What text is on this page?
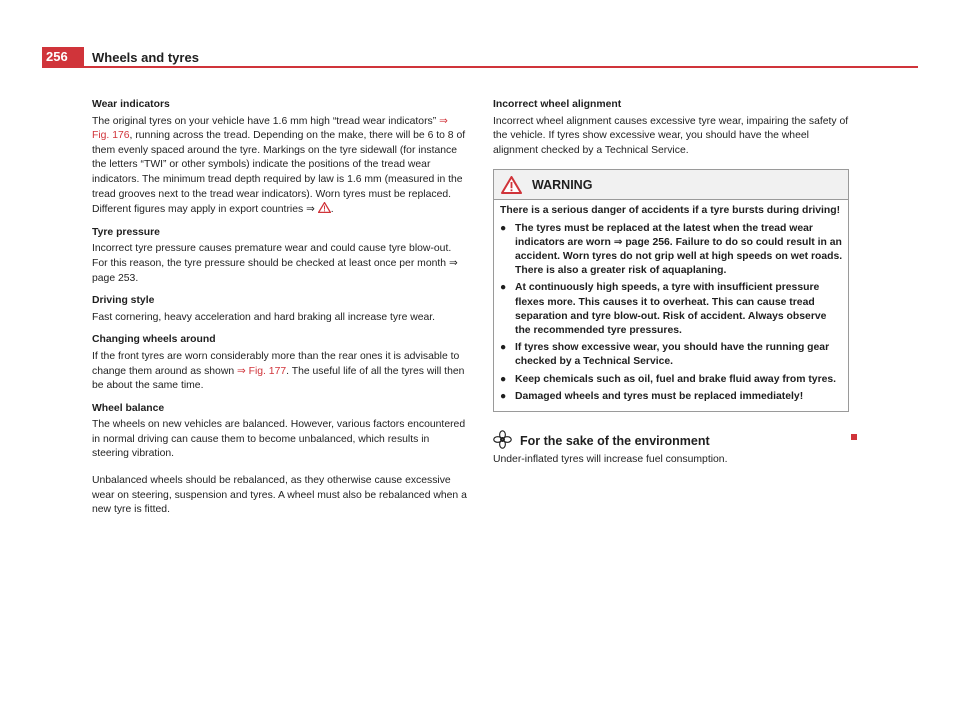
256	Wheels and tyres
Wear indicators
The original tyres on your vehicle have 1.6 mm high “tread wear indicators” ⇒ Fig. 176, running across the tread. Depending on the make, there will be 6 to 8 of them evenly spaced around the tyre. Markings on the tyre sidewall (for instance the letters “TWI” or other symbols) indicate the positions of the tread wear indicators. The minimum tread depth required by law is 1.6 mm (measured in the tread grooves next to the tread wear indicators). Worn tyres must be replaced. Different figures may apply in export countries ⇒ .
Tyre pressure
Incorrect tyre pressure causes premature wear and could cause tyre blow-out. For this reason, the tyre pressure should be checked at least once per month ⇒ page 253.
Driving style
Fast cornering, heavy acceleration and hard braking all increase tyre wear.
Changing wheels around
If the front tyres are worn considerably more than the rear ones it is advisable to change them around as shown ⇒ Fig. 177. The useful life of all the tyres will then be about the same time.
Wheel balance
The wheels on new vehicles are balanced. However, various factors encountered in normal driving can cause them to become unbalanced, which results in steering vibration.
Unbalanced wheels should be rebalanced, as they otherwise cause excessive wear on steering, suspension and tyres. A wheel must also be rebalanced when a new tyre is fitted.
Incorrect wheel alignment
Incorrect wheel alignment causes excessive tyre wear, impairing the safety of the vehicle. If tyres show excessive wear, you should have the wheel alignment checked by a Technical Service.
WARNING
There is a serious danger of accidents if a tyre bursts during driving!
● The tyres must be replaced at the latest when the tread wear indicators are worn ⇒ page 256. Failure to do so could result in an accident. Worn tyres do not grip well at high speeds on wet roads. There is also a greater risk of aquaplaning.
● At continuously high speeds, a tyre with insufficient pressure flexes more. This causes it to overheat. This can cause tread separation and tyre blow-out. Risk of accident. Always observe the recommended tyre pressures.
● If tyres show excessive wear, you should have the running gear checked by a Technical Service.
● Keep chemicals such as oil, fuel and brake fluid away from tyres.
● Damaged wheels and tyres must be replaced immediately!
For the sake of the environment
Under-inflated tyres will increase fuel consumption.
